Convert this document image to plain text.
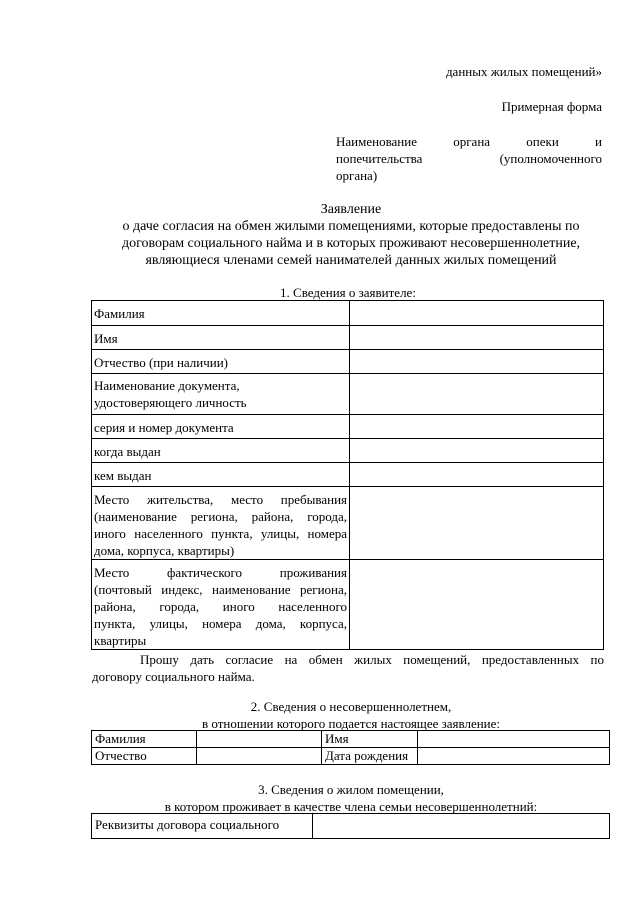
данных жилых помещений»
Примерная форма
Наименование органа опеки и
попечительства (уполномоченного
органа)
Заявление
о даче согласия на обмен жилыми помещениями, которые предоставлены по
договорам социального найма и в которых проживают несовершеннолетние,
являющиеся членами семей нанимателей данных жилых помещений
1. Сведения о заявителе:
Фамилия	
Имя	
Отчество (при наличии)	

Наименование документа,
удостоверяющего личность	

серия и номер документа	
когда выдан	
кем выдан	

Место жительства, место пребывания
(наименование региона, района, города,
иного населенного пункта, улицы, номера
дома, корпуса, квартиры)	

Место фактического проживания
(почтовый индекс, наименование региона,
района, города, иного населенного
пункта, улицы, номера дома, корпуса,
квартиры	

Прошу дать согласие на обмен жилых помещений, предоставленных по
договору социального найма.
2. Сведения о несовершеннолетнем,
в отношении которого подается настоящее заявление:
Фамилия		Имя	
Отчество		Дата рождения	
3. Сведения о жилом помещении,
в котором проживает в качестве члена семьи несовершеннолетний:
Реквизиты договора социального	
